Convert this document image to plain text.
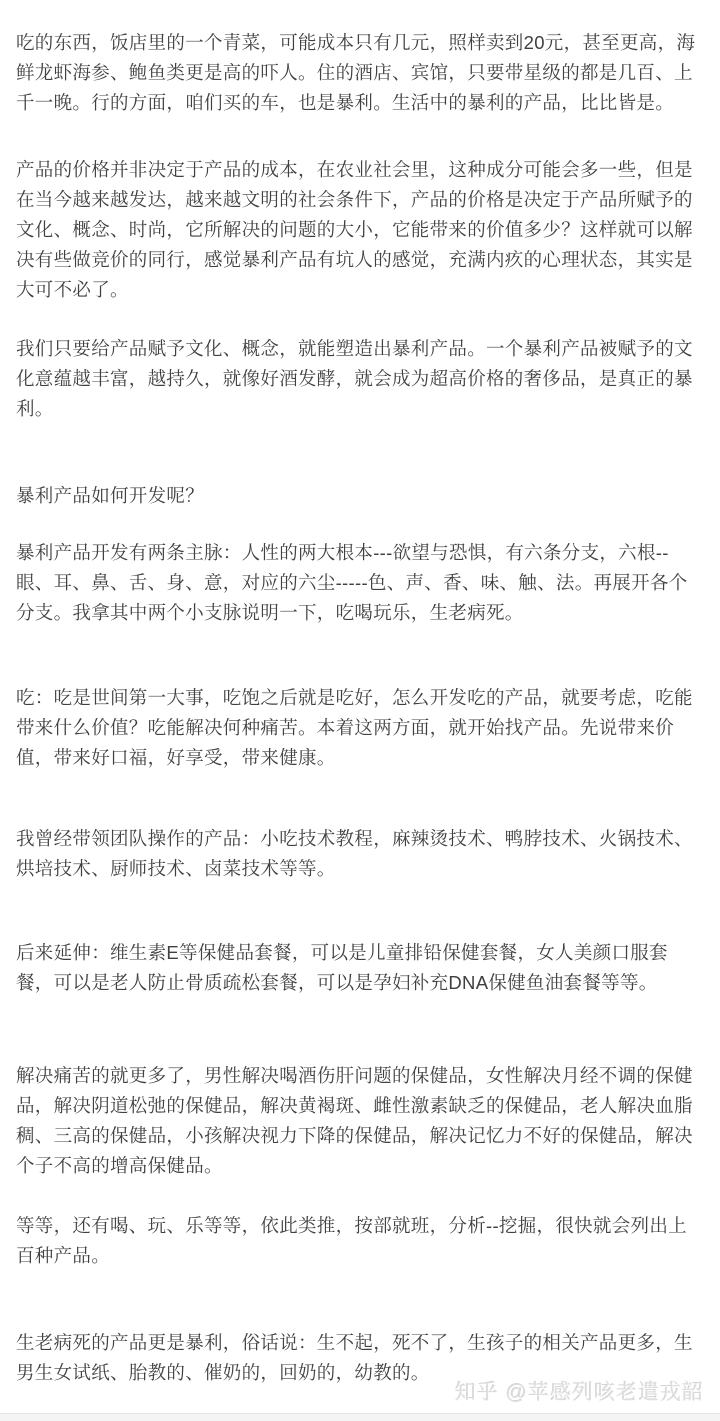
吃的东西，饭店里的一个青菜，可能成本只有几元，照样卖到20元，甚至更高，海鲜龙虾海参、鲍鱼类更是高的吓人。住的酒店、宾馆，只要带星级的都是几百、上千一晚。行的方面，咱们买的车，也是暴利。生活中的暴利的产品，比比皆是。

产品的价格并非决定于产品的成本，在农业社会里，这种成分可能会多一些，但是在当今越来越发达，越来越文明的社会条件下，产品的价格是决定于产品所赋予的文化、概念、时尚，它所解决的问题的大小，它能带来的价值多少？这样就可以解决有些做竞价的同行，感觉暴利产品有坑人的感觉，充满内疚的心理状态，其实是大可不必了。

我们只要给产品赋予文化、概念，就能塑造出暴利产品。一个暴利产品被赋予的文化意蕴越丰富，越持久，就像好酒发酵，就会成为超高价格的奢侈品，是真正的暴利。

暴利产品如何开发呢？

暴利产品开发有两条主脉：人性的两大根本---欲望与恐惧，有六条分支，六根--眼、耳、鼻、舌、身、意，对应的六尘-----色、声、香、味、触、法。再展开各个分支。我拿其中两个小支脉说明一下，吃喝玩乐，生老病死。

吃：吃是世间第一大事，吃饱之后就是吃好，怎么开发吃的产品，就要考虑，吃能带来什么价值？吃能解决何种痛苦。本着这两方面，就开始找产品。先说带来价值，带来好口福，好享受，带来健康。

我曾经带领团队操作的产品：小吃技术教程，麻辣烫技术、鸭脖技术、火锅技术、烘培技术、厨师技术、卤菜技术等等。

后来延伸：维生素E等保健品套餐，可以是儿童排铅保健套餐，女人美颜口服套餐，可以是老人防止骨质疏松套餐，可以是孕妇补充DNA保健鱼油套餐等等。

解决痛苦的就更多了，男性解决喝酒伤肝问题的保健品，女性解决月经不调的保健品，解决阴道松弛的保健品，解决黄褐斑、雌性激素缺乏的保健品，老人解决血脂稠、三高的保健品，小孩解决视力下降的保健品，解决记忆力不好的保健品，解决个子不高的增高保健品。

等等，还有喝、玩、乐等等，依此类推，按部就班，分析--挖掘，很快就会列出上百种产品。

生老病死的产品更是暴利，俗话说：生不起，死不了，生孩子的相关产品更多，生男生女试纸、胎教的、催奶的，回奶的，幼教的。

知乎 @苹感列咳老遣戎韶
